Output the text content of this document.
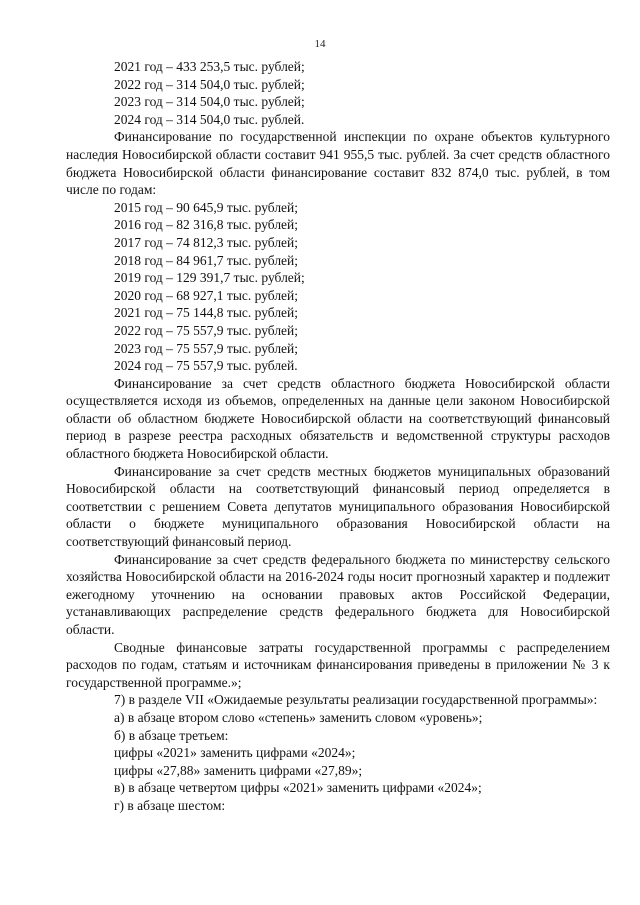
14

2021 год – 433 253,5 тыс. рублей;

2022 год – 314 504,0 тыс. рублей;

2023 год – 314 504,0 тыс. рублей;

2024 год – 314 504,0 тыс. рублей.

Финансирование по государственной инспекции по охране объектов культурного наследия Новосибирской области составит 941 955,5 тыс. рублей. За счет средств областного бюджета Новосибирской области финансирование составит 832 874,0 тыс. рублей, в том числе по годам:

2015 год – 90 645,9 тыс. рублей;

2016 год – 82 316,8 тыс. рублей;

2017 год – 74 812,3 тыс. рублей;

2018 год – 84 961,7 тыс. рублей;

2019 год – 129 391,7 тыс. рублей;

2020 год – 68 927,1 тыс. рублей;

2021 год – 75 144,8 тыс. рублей;

2022 год – 75 557,9 тыс. рублей;

2023 год – 75 557,9 тыс. рублей;

2024 год – 75 557,9 тыс. рублей.

Финансирование за счет средств областного бюджета Новосибирской области осуществляется исходя из объемов, определенных на данные цели законом Новосибирской области об областном бюджете Новосибирской области на соответствующий финансовый период в разрезе реестра расходных обязательств и ведомственной структуры расходов областного бюджета Новосибирской области.

Финансирование за счет средств местных бюджетов муниципальных образований Новосибирской области на соответствующий финансовый период определяется в соответствии с решением Совета депутатов муниципального образования Новосибирской области о бюджете муниципального образования Новосибирской области на соответствующий финансовый период.

Финансирование за счет средств федерального бюджета по министерству сельского хозяйства Новосибирской области на 2016-2024 годы носит прогнозный характер и подлежит ежегодному уточнению на основании правовых актов Российской Федерации, устанавливающих распределение средств федерального бюджета для Новосибирской области.

Сводные финансовые затраты государственной программы с распределением расходов по годам, статьям и источникам финансирования приведены в приложении № 3 к государственной программе.»;

7) в разделе VII «Ожидаемые результаты реализации государственной программы»:

а) в абзаце втором слово «степень» заменить словом «уровень»;

б) в абзаце третьем:

цифры «2021» заменить цифрами «2024»;

цифры «27,88» заменить цифрами «27,89»;

в) в абзаце четвертом цифры «2021» заменить цифрами «2024»;

г) в абзаце шестом:
